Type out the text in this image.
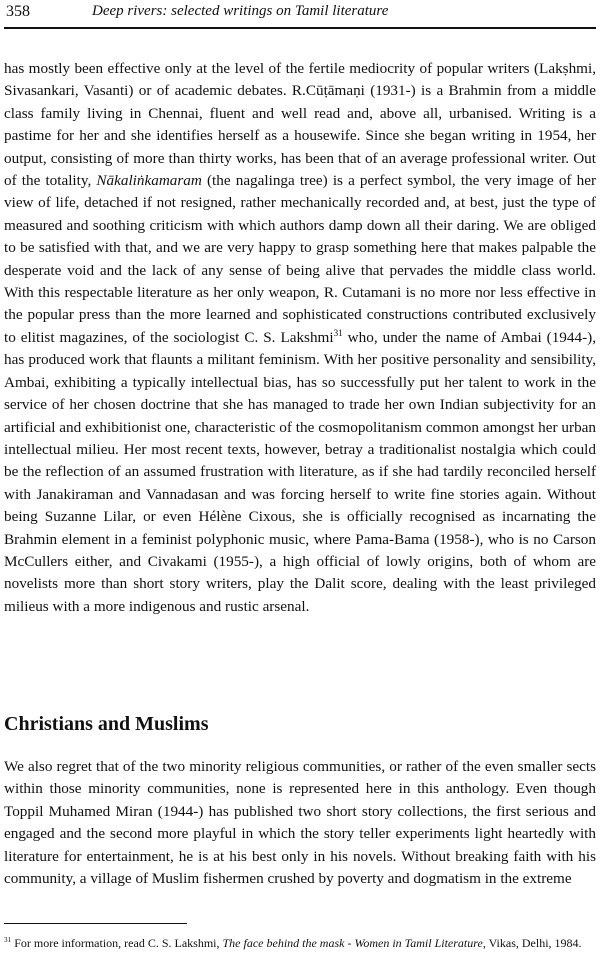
358	Deep rivers: selected writings on Tamil literature

has mostly been effective only at the level of the fertile mediocrity of popular writers (Lakṣhmi, Sivasankari, Vasanti) or of academic debates. R.Cūṭāmaṇi (1931-) is a Brahmin from a middle class family living in Chennai, fluent and well read and, above all, urbanised. Writing is a pastime for her and she identifies herself as a housewife. Since she began writing in 1954, her output, consisting of more than thirty works, has been that of an average professional writer. Out of the totality, Nākaliṅkamaram (the nagalinga tree) is a perfect symbol, the very image of her view of life, detached if not resigned, rather mechanically recorded and, at best, just the type of measured and soothing criticism with which authors damp down all their daring. We are obliged to be satisfied with that, and we are very happy to grasp something here that makes palpable the desperate void and the lack of any sense of being alive that pervades the middle class world. With this respectable literature as her only weapon, R. Cutamani is no more nor less effective in the popular press than the more learned and sophisticated constructions contributed exclusively to elitist magazines, of the sociologist C. S. Lakshmi$^{31}$ who, under the name of Ambai (1944-), has produced work that flaunts a militant feminism. With her positive personality and sensibility, Ambai, exhibiting a typically intellectual bias, has so successfully put her talent to work in the service of her chosen doctrine that she has managed to trade her own Indian subjectivity for an artificial and exhibitionist one, characteristic of the cosmopolitanism common amongst her urban intellectual milieu. Her most recent texts, however, betray a traditionalist nostalgia which could be the reflection of an assumed frustration with literature, as if she had tardily reconciled herself with Janakiraman and Vannadasan and was forcing herself to write fine stories again. Without being Suzanne Lilar, or even Hélène Cixous, she is officially recognised as incarnating the Brahmin element in a feminist polyphonic music, where Pama-Bama (1958-), who is no Carson McCullers either, and Civakami (1955-), a high official of lowly origins, both of whom are novelists more than short story writers, play the Dalit score, dealing with the least privileged milieus with a more indigenous and rustic arsenal.

Christians and Muslims

We also regret that of the two minority religious communities, or rather of the even smaller sects within those minority communities, none is represented here in this anthology. Even though Toppil Muhamed Miran (1944-) has published two short story collections, the first serious and engaged and the second more playful in which the story teller experiments light heartedly with literature for entertainment, he is at his best only in his novels. Without breaking faith with his community, a village of Muslim fishermen crushed by poverty and dogmatism in the extreme

$^{31}$ For more information, read C. S. Lakshmi, The face behind the mask - Women in Tamil Literature, Vikas, Delhi, 1984.
